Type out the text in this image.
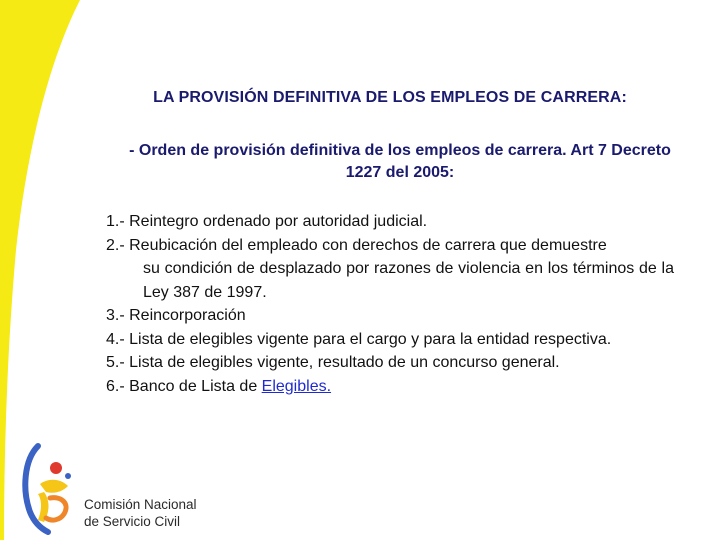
LA PROVISIÓN DEFINITIVA DE LOS EMPLEOS DE CARRERA:
- Orden de provisión definitiva de los empleos de carrera. Art 7 Decreto 1227 del 2005:
1.- Reintegro ordenado por autoridad judicial.
2.- Reubicación del empleado con derechos de carrera que demuestre
su condición de desplazado por razones de violencia en los términos de la Ley 387 de 1997.
3.- Reincorporación
4.- Lista de elegibles vigente para el cargo y para la entidad respectiva.
5.- Lista de elegibles vigente, resultado de un concurso general.
6.- Banco de Lista de Elegibles.
Comisión Nacional
de Servicio Civil
